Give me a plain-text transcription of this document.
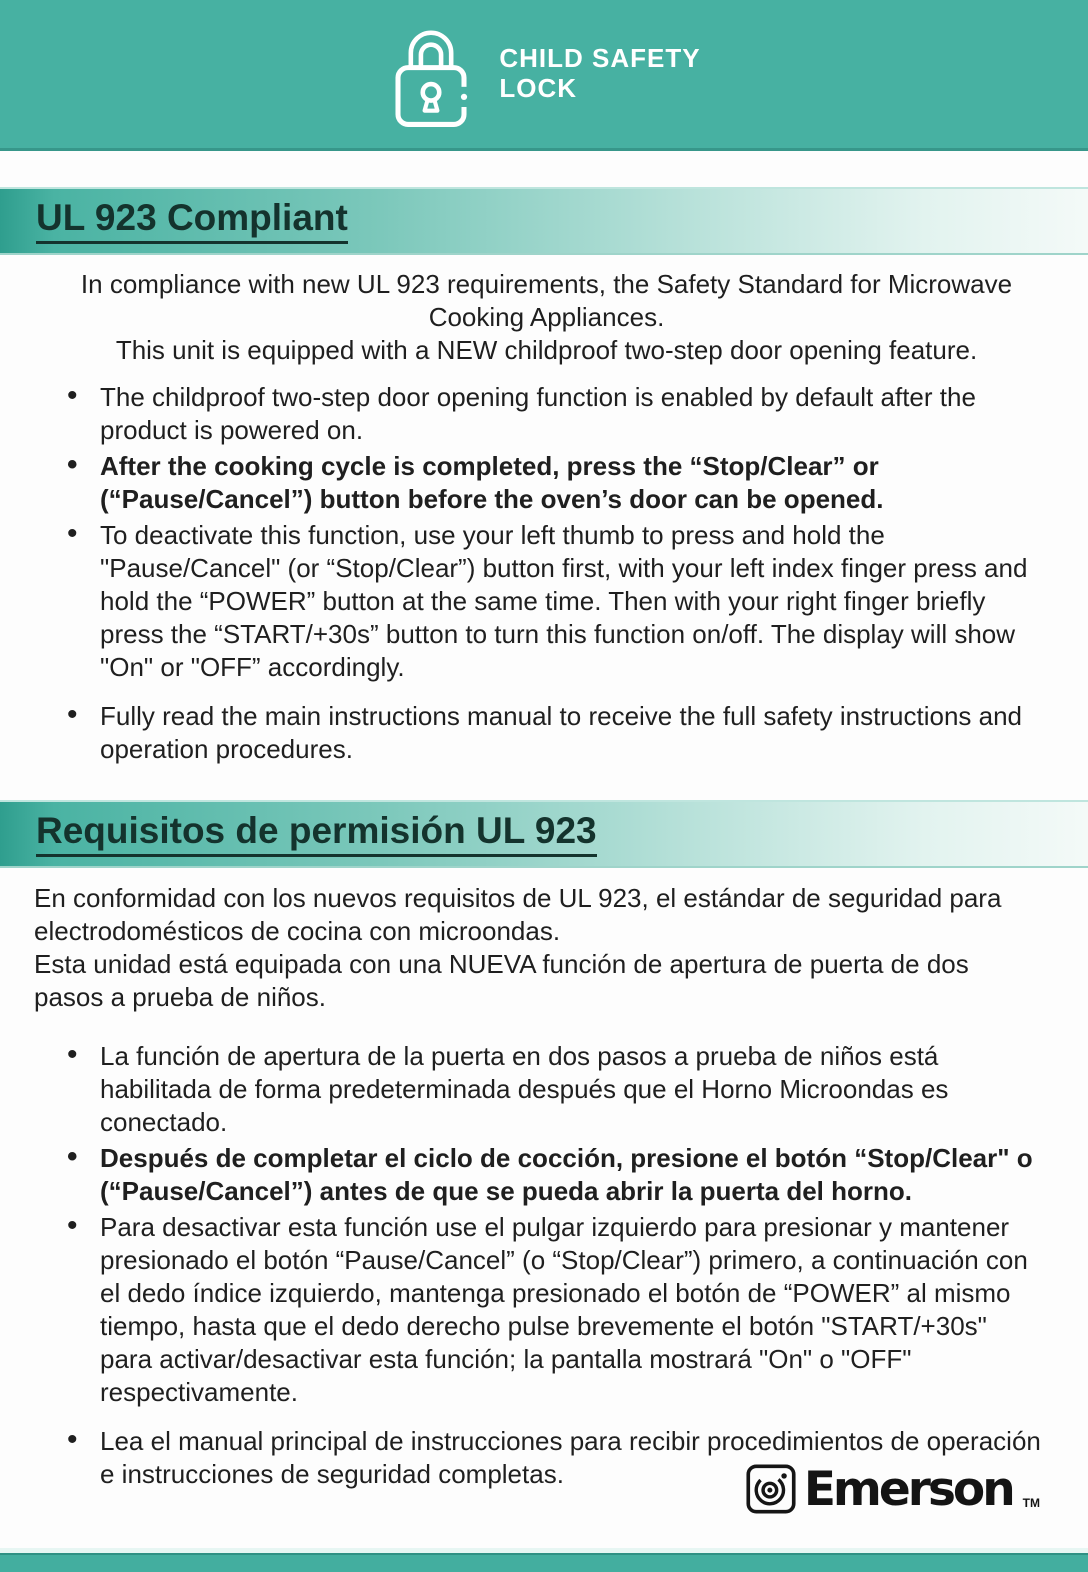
CHILD SAFETY
LOCK
UL 923 Compliant
In compliance with new UL 923 requirements, the Safety Standard for Microwave
Cooking Appliances.
This unit is equipped with a NEW childproof two-step door opening feature.
• The childproof two-step door opening function is enabled by default after the product is powered on.
• After the cooking cycle is completed, press the “Stop/Clear” or (“Pause/Cancel”) button before the oven’s door can be opened.
• To deactivate this function, use your left thumb to press and hold the "Pause/Cancel" (or “Stop/Clear”) button first, with your left index finger press and hold the “POWER” button at the same time. Then with your right finger briefly press the “START/+30s” button to turn this function on/off. The display will show "On" or "OFF” accordingly.
• Fully read the main instructions manual to receive the full safety instructions and operation procedures.
Requisitos de permisión UL 923

En conformidad con los nuevos requisitos de UL 923, el estándar de seguridad para electrodomésticos de cocina con microondas.

Esta unidad está equipada con una NUEVA función de apertura de puerta de dos pasos a prueba de niños.

• La función de apertura de la puerta en dos pasos a prueba de niños está habilitada de forma predeterminada después que el Horno Microondas es conectado.
• Después de completar el ciclo de cocción, presione el botón “Stop/Clear" o (“Pause/Cancel”) antes de que se pueda abrir la puerta del horno.
• Para desactivar esta función use el pulgar izquierdo para presionar y mantener presionado el botón “Pause/Cancel” (o “Stop/Clear”) primero, a continuación con el dedo índice izquierdo, mantenga presionado el botón de “POWER” al mismo tiempo, hasta que el dedo derecho pulse brevemente el botón "START/+30s" para activar/desactivar esta función; la pantalla mostrará "On" o "OFF" respectivamente.
• Lea el manual principal de instrucciones para recibir procedimientos de operación e instrucciones de seguridad completas.	Emerson TM
